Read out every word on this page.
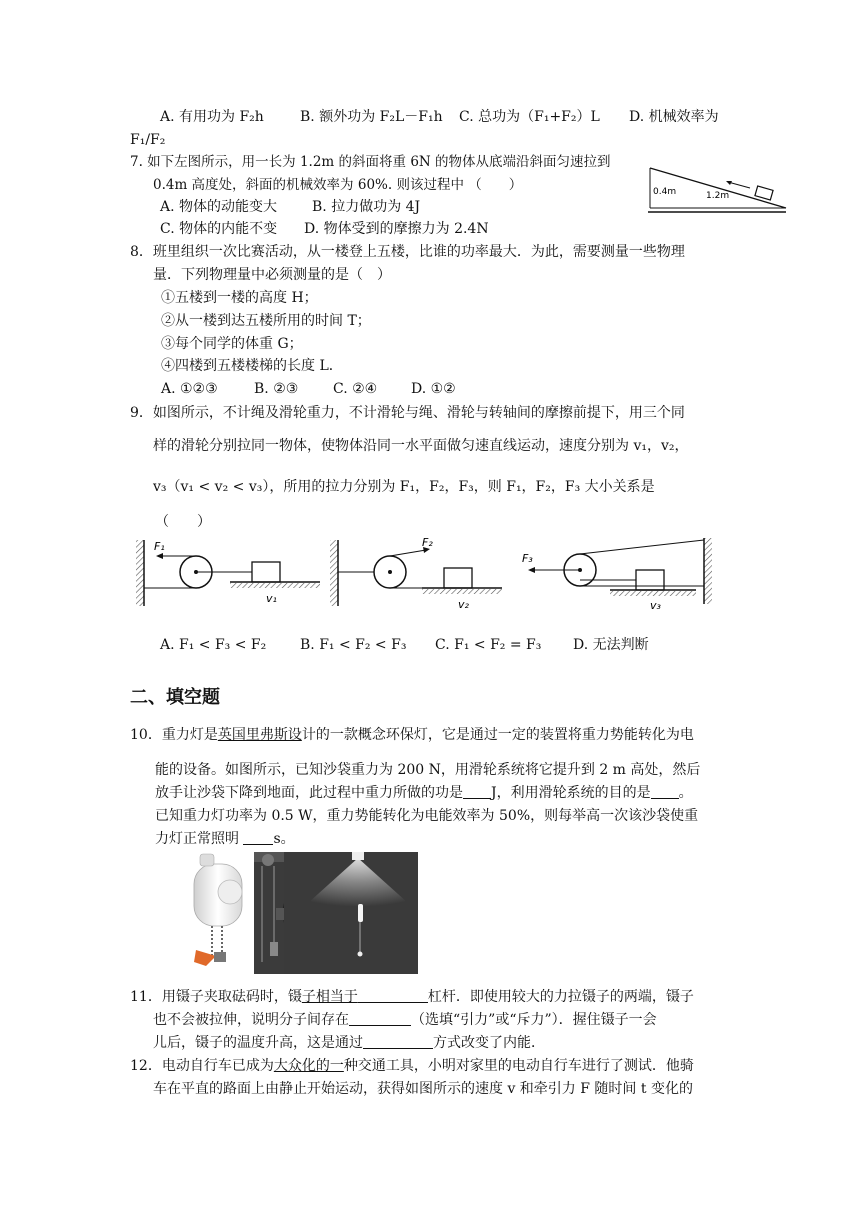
A. 有用功为 F₂h	B. 额外功为 F₂L－F₁h C. 总功为（F₁+F₂）L D. 机械效率为
F₁/F₂
7. 如下左图所示，用一长为 1.2m 的斜面将重 6N 的物体从底端沿斜面匀速拉到
0.4m 高度处，斜面的机械效率为 60%. 则该过程中 （　　）
A. 物体的动能变大 B. 拉力做功为 4J
C. 物体的内能不变 D. 物体受到的摩擦力为 2.4N
0.4m	1.2m
8．班里组织一次比赛活动，从一楼登上五楼，比谁的功率最大．为此，需要测量一些物理
量．下列物理量中必须测量的是（　）
①五楼到一楼的高度 H；
②从一楼到达五楼所用的时间 T；
③每个同学的体重 G；
④四楼到五楼楼梯的长度 L．
A. ①②③	B. ②③ C. ②④ D. ①②
9．如图所示，不计绳及滑轮重力，不计滑轮与绳、滑轮与转轴间的摩擦前提下，用三个同
样的滑轮分别拉同一物体，使物体沿同一水平面做匀速直线运动，速度分别为 v₁，v₂，
v₃（v₁ < v₂ < v₃），所用的拉力分别为 F₁，F₂，F₃，则 F₁，F₂，F₃ 大小关系是
（　　）
F₁
v₁
F₂
v₂
F₃
v₃
A. F₁ < F₃ < F₂ B. F₁ < F₂ < F₃ C. F₁ < F₂ = F₃ D. 无法判断
二、填空题
10．重力灯是英国里弗斯设计的一款概念环保灯，它是通过一定的装置将重力势能转化为电
能的设备。如图所示，已知沙袋重力为 200 N，用滑轮系统将它提升到 2 m 高处，然后
放手让沙袋下降到地面，此过程中重力所做的功是 J，利用滑轮系统的目的是 。
已知重力灯功率为 0.5 W，重力势能转化为电能效率为 50%，则每举高一次该沙袋使重
力灯正常照明 s。
11．用镊子夹取砝码时，镊子相当于	杠杆．即使用较大的力拉镊子的两端，镊子
也不会被拉伸，说明分子间存在	（选填“引力”或“斥力”）．握住镊子一会
儿后，镊子的温度升高，这是通过	方式改变了内能．
12．电动自行车已成为大众化的一种交通工具，小明对家里的电动自行车进行了测试．他骑
车在平直的路面上由静止开始运动，获得如图所示的速度 v 和牵引力 F 随时间 t 变化的
